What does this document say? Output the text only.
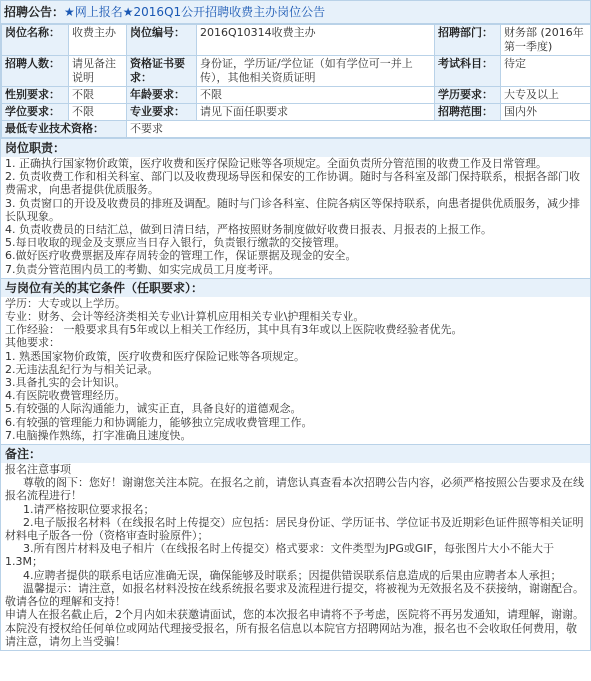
招聘公告：★网上报名★2016Q1公开招聘收费主办岗位公告
岗位名称：	收费主办	岗位编号：	2016Q10314收费主办	招聘部门：	财务部 (2016年第一季度)
招聘人数：	请见备注说明	资格证书要求：	身份证，学历证/学位证（如有学位可一并上传），其他相关资质证明	考试科目：	待定
性别要求：	不限	年龄要求：	不限	学历要求：	大专及以上
学位要求：	不限	专业要求：	请见下面任职要求	招聘范围：	国内外
最低专业技术资格：		不要求			
岗位职责：

1. 正确执行国家物价政策，医疗收费和医疗保险记账等各项规定。全面负责所分管范围的收费工作及日常管理。

2. 负责收费工作和相关科室、部门以及收费现场导医和保安的工作协调。随时与各科室及部门保持联系，根据各部门收费需求，向患者提供优质服务。

3. 负责窗口的开设及收费员的排班及调配。随时与门诊各科室、住院各病区等保持联系，向患者提供优质服务，减少排长队现象。

4. 负责收费员的日结汇总，做到日清日结，严格按照财务制度做好收费日报表、月报表的上报工作。

5.每日收取的现金及支票应当日存入银行，负责银行缴款的交接管理。

6.做好医疗收费票据及库存周转金的管理工作，保证票据及现金的安全。

7.负责分管范围内员工的考勤、如实完成员工月度考评。

与岗位有关的其它条件（任职要求）：

学历：大专或以上学历。

专业：财务、会计等经济类相关专业\计算机应用相关专业\护理相关专业。

工作经验： 一般要求具有5年或以上相关工作经历，其中具有3年或以上医院收费经验者优先。

其他要求：

1. 熟悉国家物价政策，医疗收费和医疗保险记账等各项规定。

2.无违法乱纪行为与相关记录。

3.具备扎实的会计知识。

4.有医院收费管理经历。

5.有较强的人际沟通能力，诚实正直，具备良好的道德观念。

6.有较强的管理能力和协调能力，能够独立完成收费管理工作。

7.电脑操作熟练，打字准确且速度快。

备注：

报名注意事项

尊敬的阁下：您好！谢谢您关注本院。在报名之前，请您认真查看本次招聘公告内容，必须严格按照公告要求及在线报名流程进行！

1.请严格按职位要求报名；

2.电子版报名材料（在线报名时上传提交）应包括：居民身份证、学历证书、学位证书及近期彩色证件照等相关证明材料电子版各一份（资格审查时验原件）；

3.所有图片材料及电子相片（在线报名时上传提交）格式要求：文件类型为JPG或GIF，每张图片大小不能大于1.3M；

4.应聘者提供的联系电话应准确无误，确保能够及时联系；因提供错误联系信息造成的后果由应聘者本人承担；

温馨提示：请注意，如报名材料没按在线系统报名要求及流程进行提交，将被视为无效报名及不获接纳，谢谢配合。敬请各位的理解和支持！

申请人在报名截止后，2个月内如未获邀请面试，您的本次报名申请将不予考虑，医院将不再另发通知，请理解，谢谢。

本院没有授权给任何单位或网站代理接受报名，所有报名信息以本院官方招聘网站为准，报名也不会收取任何费用，敬请注意，请勿上当受骗！
